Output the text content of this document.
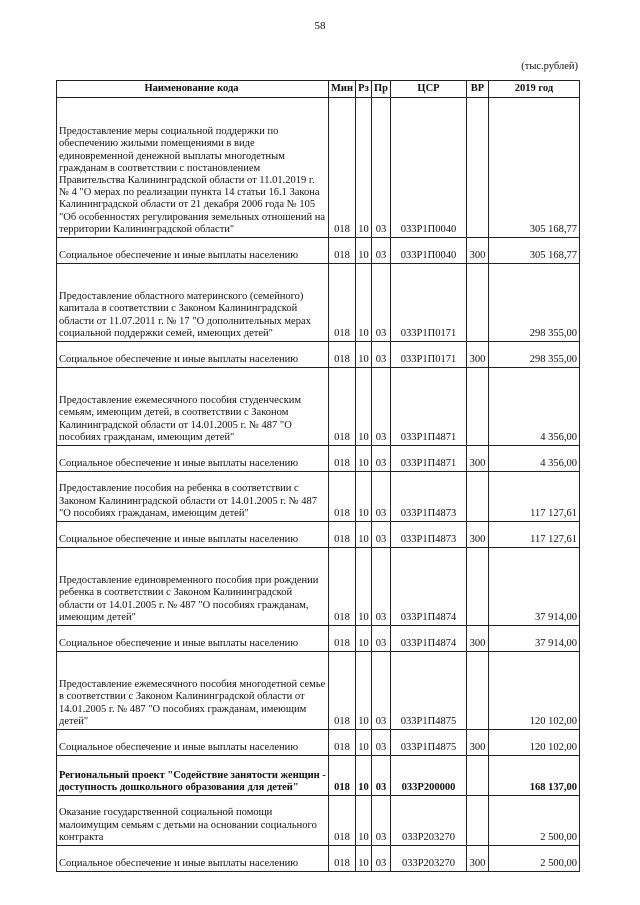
58
(тыс.рублей)
Наименование кода	Мин	Рз	Пр	ЦСР	ВР	2019 год
Предоставление меры социальной поддержки по обеспечению жилыми помещениями в виде единовременной денежной выплаты многодетным гражданам в соответствии с постановлением Правительства Калининградской области от 11.01.2019 г. № 4 "О мерах по реализации пункта 14 статьи 16.1 Закона Калининградской области от 21 декабря 2006 года № 105 "Об особенностях регулирования земельных отношений на территории Калининградской области"	018	10	03	033Р1П0040		305 168,77
Социальное обеспечение и иные выплаты населению	018	10	03	033Р1П0040	300	305 168,77
Предоставление областного материнского (семейного) капитала в соответствии с Законом Калининградской области от 11.07.2011 г. № 17 "О дополнительных мерах социальной поддержки семей, имеющих детей"	018	10	03	033Р1П0171		298 355,00
Социальное обеспечение и иные выплаты населению	018	10	03	033Р1П0171	300	298 355,00
Предоставление ежемесячного пособия студенческим семьям, имеющим детей, в соответствии с Законом Калининградской области от 14.01.2005 г. № 487 "О пособиях гражданам, имеющим детей"	018	10	03	033Р1П4871		4 356,00
Социальное обеспечение и иные выплаты населению	018	10	03	033Р1П4871	300	4 356,00
Предоставление пособия на ребенка в соответствии с Законом Калининградской области от 14.01.2005 г. № 487 "О пособиях гражданам, имеющим детей"	018	10	03	033Р1П4873		117 127,61
Социальное обеспечение и иные выплаты населению	018	10	03	033Р1П4873	300	117 127,61
Предоставление единовременного пособия при рождении ребенка в соответствии с Законом Калининградской области от 14.01.2005 г. № 487 "О пособиях гражданам, имеющим детей"	018	10	03	033Р1П4874		37 914,00
Социальное обеспечение и иные выплаты населению	018	10	03	033Р1П4874	300	37 914,00
Предоставление ежемесячного пособия многодетной семье в соответствии с Законом Калининградской области от 14.01.2005 г. № 487 "О пособиях гражданам, имеющим детей"	018	10	03	033Р1П4875		120 102,00
Социальное обеспечение и иные выплаты населению	018	10	03	033Р1П4875	300	120 102,00
Региональный проект "Содействие занятости женщин - доступность дошкольного образования для детей"	018	10	03	033Р200000		168 137,00
Оказание государственной социальной помощи малоимущим семьям с детьми на основании социального контракта	018	10	03	033Р203270		2 500,00
Социальное обеспечение и иные выплаты населению	018	10	03	033Р203270	300	2 500,00
